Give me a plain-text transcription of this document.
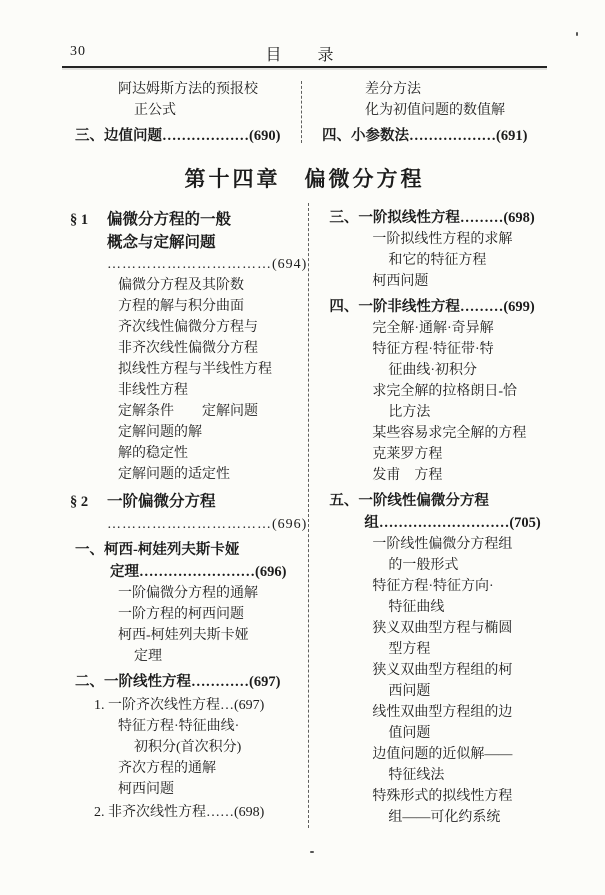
30	目　录
阿达姆斯方法的预报校
正公式
三、边值问题………………(690)
差分方法
化为初值问题的数值解
四、小参数法………………(691)
第十四章　偏微分方程
§ 1 偏微分方程的一般
概念与定解问题
……………………………(694)
偏微分方程及其阶数
方程的解与积分曲面
齐次线性偏微分方程与
非齐次线性偏微分方程
拟线性方程与半线性方程
非线性方程
定解条件　　定解问题
定解问题的解
解的稳定性
定解问题的适定性
§ 2 一阶偏微分方程
……………………………(696)
一、柯西-柯娃列夫斯卡娅
定理……………………(696)
一阶偏微分方程的通解
一阶方程的柯西问题
柯西-柯娃列夫斯卡娅
定理
二、一阶线性方程…………(697)
1. 一阶齐次线性方程…(697)
特征方程·特征曲线·
初积分(首次积分)
齐次方程的通解
柯西问题
2. 非齐次线性方程……(698)
三、一阶拟线性方程………(698)
一阶拟线性方程的求解
和它的特征方程
柯西问题
四、一阶非线性方程………(699)
完全解·通解·奇异解
特征方程·特征带·特
征曲线·初积分
求完全解的拉格朗日-恰
比方法
某些容易求完全解的方程
克莱罗方程
发甫　方程
五、一阶线性偏微分方程
组………………………(705)
一阶线性偏微分方程组
的一般形式
特征方程·特征方向·
特征曲线
狭义双曲型方程与椭圆
型方程
狭义双曲型方程组的柯
西问题
线性双曲型方程组的边
值问题
边值问题的近似解——
特征线法
特殊形式的拟线性方程
组——可化约系统
